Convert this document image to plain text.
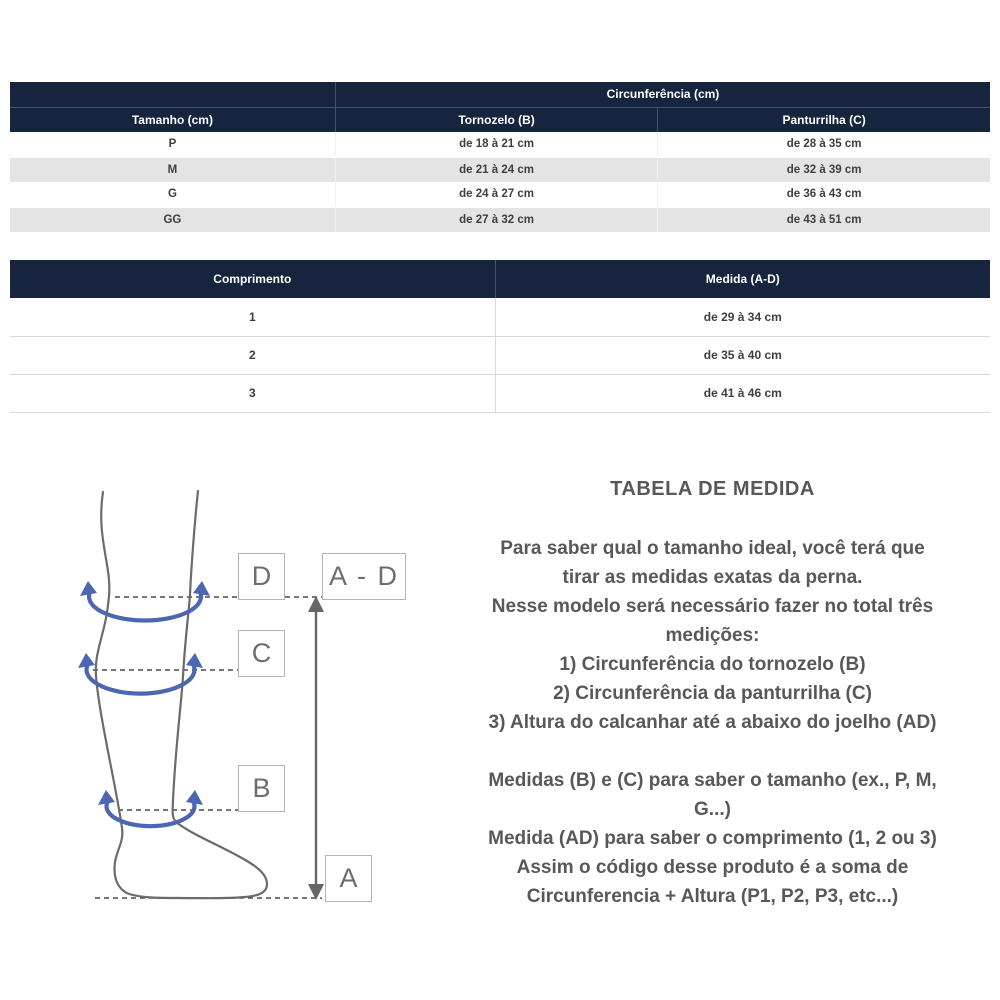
	Circunferência (cm)	
Tamanho (cm)	Tornozelo (B)	Panturrilha (C)
P	de 18 à 21 cm	de 28 à 35 cm
M	de 21 à 24 cm	de 32 à 39 cm
G	de 24 à 27 cm	de 36 à 43 cm
GG	de 27 à 32 cm	de 43 à 51 cm
Comprimento	Medida (A-D)
1	de 29 à 34 cm
2	de 35 à 40 cm
3	de 41 à 46 cm
D	A - D
C
B
A
TABELA DE MEDIDA
Para saber qual o tamanho ideal, você terá que
tirar as medidas exatas da perna.
Nesse modelo será necessário fazer no total três
medições:
1) Circunferência do tornozelo (B)
2) Circunferência da panturrilha (C)
3) Altura do calcanhar até a abaixo do joelho (AD)
Medidas (B) e (C) para saber o tamanho (ex., P, M,
G...)
Medida (AD) para saber o comprimento (1, 2 ou 3)
Assim o código desse produto é a soma de
Circunferencia + Altura (P1, P2, P3, etc...)
